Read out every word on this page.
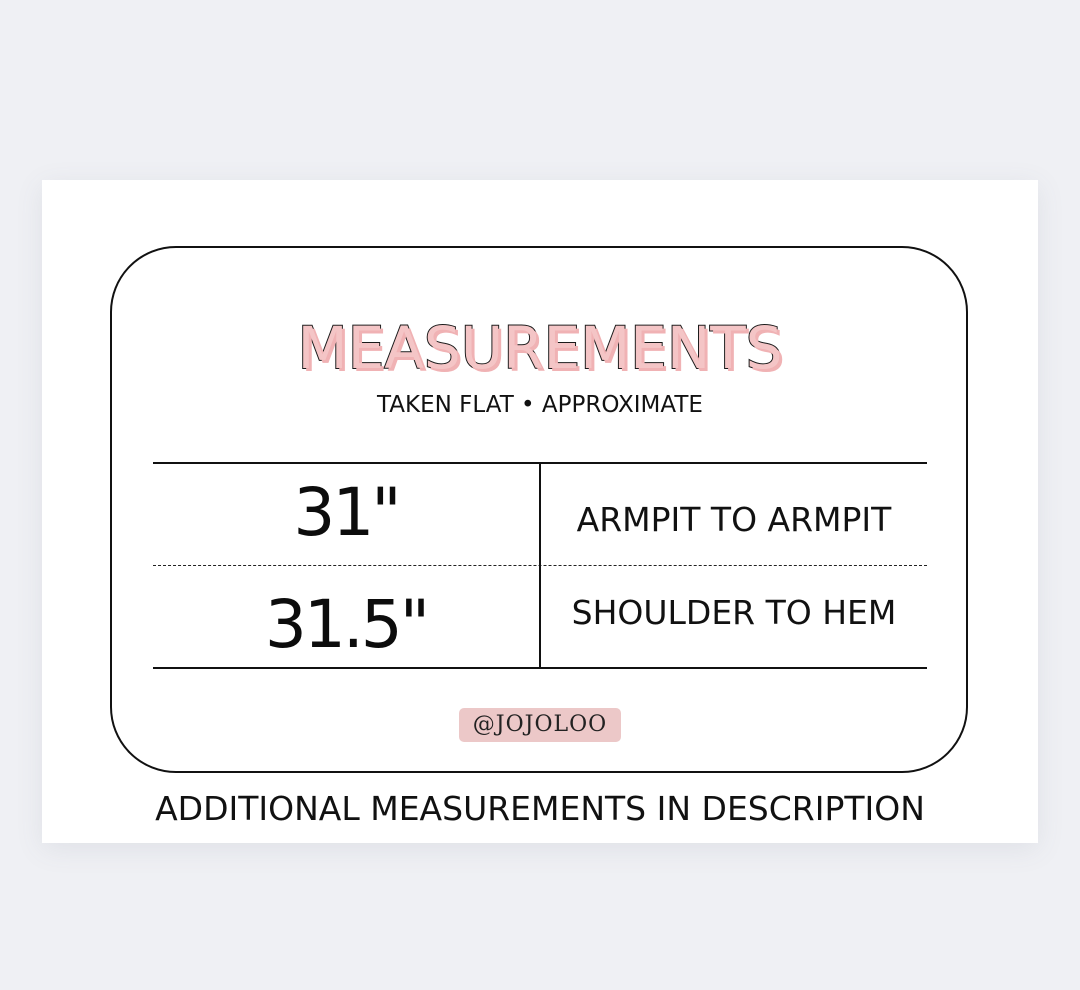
MEASUREMENTS
TAKEN FLAT • APPROXIMATE
31"	ARMPIT TO ARMPIT
31.5"	SHOULDER TO HEM
@JOJOLOO
ADDITIONAL MEASUREMENTS IN DESCRIPTION
